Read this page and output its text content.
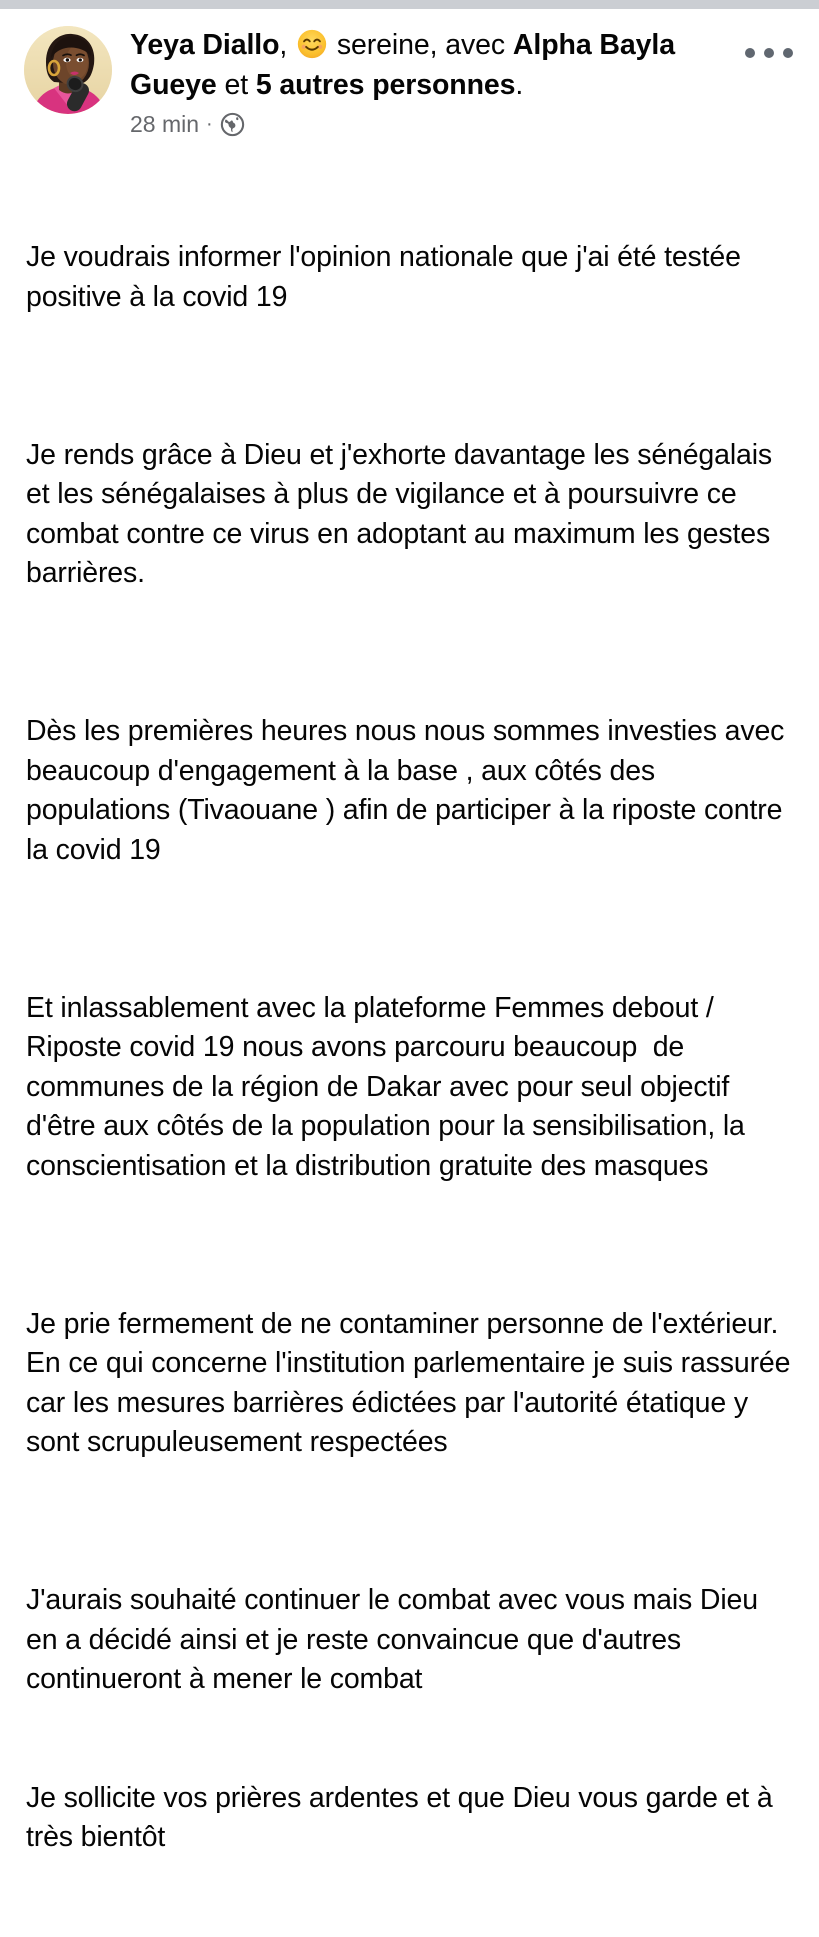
Yeya Diallo,
sereine, avec Alpha Bayla Gueye et 5 autres personnes.
28 min ·

Je voudrais informer l'opinion nationale que j'ai été testée positive à la covid 19

Je rends grâce à Dieu et j'exhorte davantage les sénégalais et les sénégalaises à plus de vigilance et à poursuivre ce combat contre ce virus en adoptant au maximum les gestes barrières.

Dès les premières heures nous nous sommes investies avec beaucoup d'engagement à la base , aux côtés des populations (Tivaouane ) afin de participer à la riposte contre la covid 19

Et inlassablement avec la plateforme Femmes debout / Riposte covid 19 nous avons parcouru beaucoup  de communes de la région de Dakar avec pour seul objectif d'être aux côtés de la population pour la sensibilisation, la conscientisation et la distribution gratuite des masques

Je prie fermement de ne contaminer personne de l'extérieur. En ce qui concerne l'institution parlementaire je suis rassurée car les mesures barrières édictées par l'autorité étatique y sont scrupuleusement respectées

J'aurais souhaité continuer le combat avec vous mais Dieu en a décidé ainsi et je reste convaincue que d'autres continueront à mener le combat

Je sollicite vos prières ardentes et que Dieu vous garde et à très bientôt
